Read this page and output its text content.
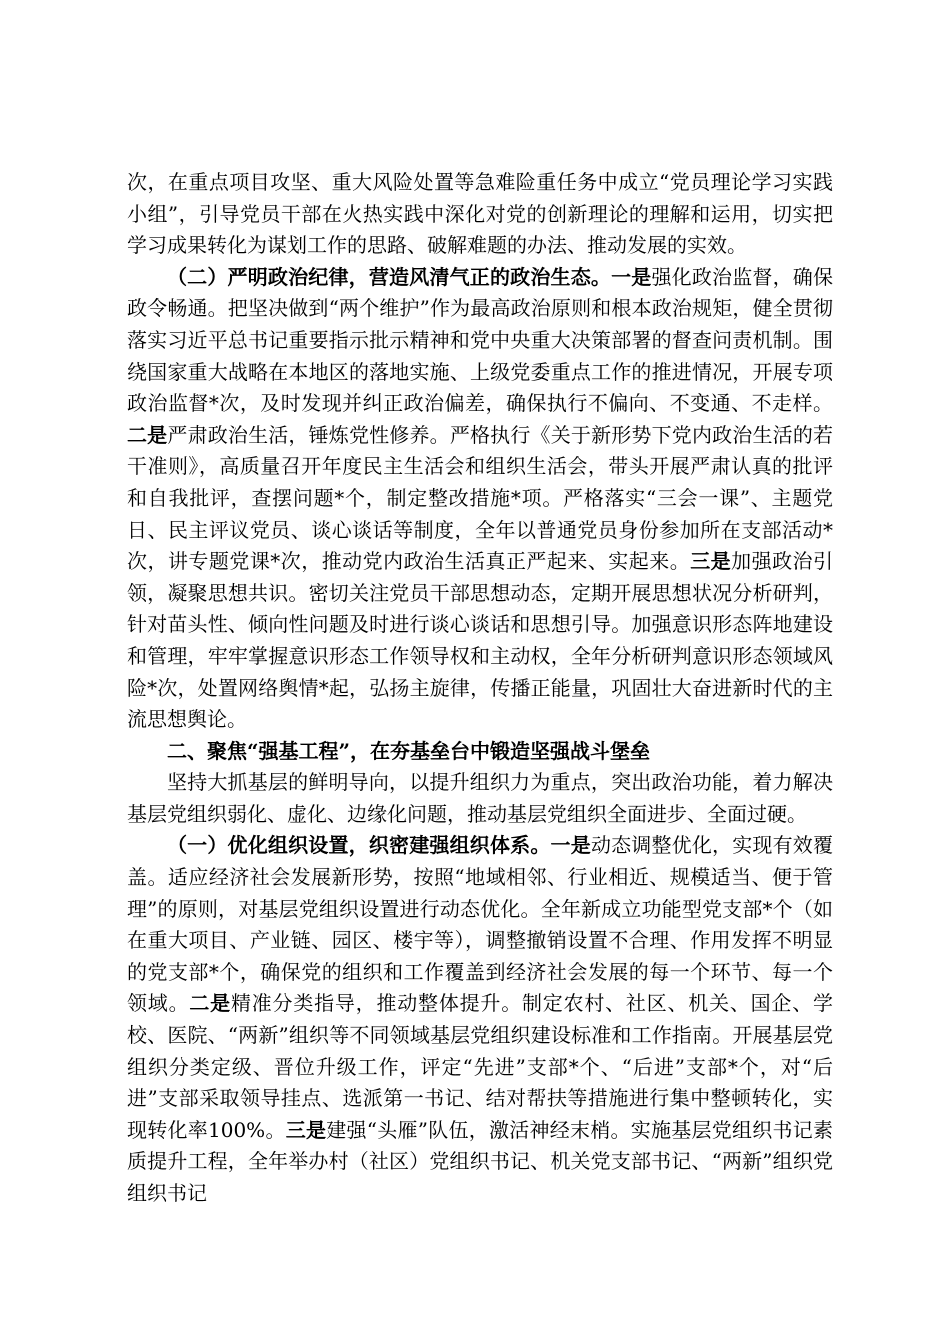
次，在重点项目攻坚、重大风险处置等急难险重任务中成立“党员理论学习实践小组”，引导党员干部在火热实践中深化对党的创新理论的理解和运用，切实把学习成果转化为谋划工作的思路、破解难题的办法、推动发展的实效。

（二）严明政治纪律，营造风清气正的政治生态。一是强化政治监督，确保政令畅通。把坚决做到“两个维护”作为最高政治原则和根本政治规矩，健全贯彻落实习近平总书记重要指示批示精神和党中央重大决策部署的督查问责机制。围绕国家重大战略在本地区的落地实施、上级党委重点工作的推进情况，开展专项政治监督*次，及时发现并纠正政治偏差，确保执行不偏向、不变通、不走样。二是严肃政治生活，锤炼党性修养。严格执行《关于新形势下党内政治生活的若干准则》，高质量召开年度民主生活会和组织生活会，带头开展严肃认真的批评和自我批评，查摆问题*个，制定整改措施*项。严格落实“三会一课”、主题党日、民主评议党员、谈心谈话等制度，全年以普通党员身份参加所在支部活动*次，讲专题党课*次，推动党内政治生活真正严起来、实起来。三是加强政治引领，凝聚思想共识。密切关注党员干部思想动态，定期开展思想状况分析研判，针对苗头性、倾向性问题及时进行谈心谈话和思想引导。加强意识形态阵地建设和管理，牢牢掌握意识形态工作领导权和主动权，全年分析研判意识形态领域风险*次，处置网络舆情*起，弘扬主旋律，传播正能量，巩固壮大奋进新时代的主流思想舆论。

二、聚焦“强基工程”，在夯基垒台中锻造坚强战斗堡垒

坚持大抓基层的鲜明导向，以提升组织力为重点，突出政治功能，着力解决基层党组织弱化、虚化、边缘化问题，推动基层党组织全面进步、全面过硬。

（一）优化组织设置，织密建强组织体系。一是动态调整优化，实现有效覆盖。适应经济社会发展新形势，按照“地域相邻、行业相近、规模适当、便于管理”的原则，对基层党组织设置进行动态优化。全年新成立功能型党支部*个（如在重大项目、产业链、园区、楼宇等），调整撤销设置不合理、作用发挥不明显的党支部*个，确保党的组织和工作覆盖到经济社会发展的每一个环节、每一个领域。二是精准分类指导，推动整体提升。制定农村、社区、机关、国企、学校、医院、“两新”组织等不同领域基层党组织建设标准和工作指南。开展基层党组织分类定级、晋位升级工作，评定“先进”支部*个、“后进”支部*个，对“后进”支部采取领导挂点、选派第一书记、结对帮扶等措施进行集中整顿转化，实现转化率100%。三是建强“头雁”队伍，激活神经末梢。实施基层党组织书记素质提升工程，全年举办村（社区）党组织书记、机关党支部书记、“两新”组织党组织书记
